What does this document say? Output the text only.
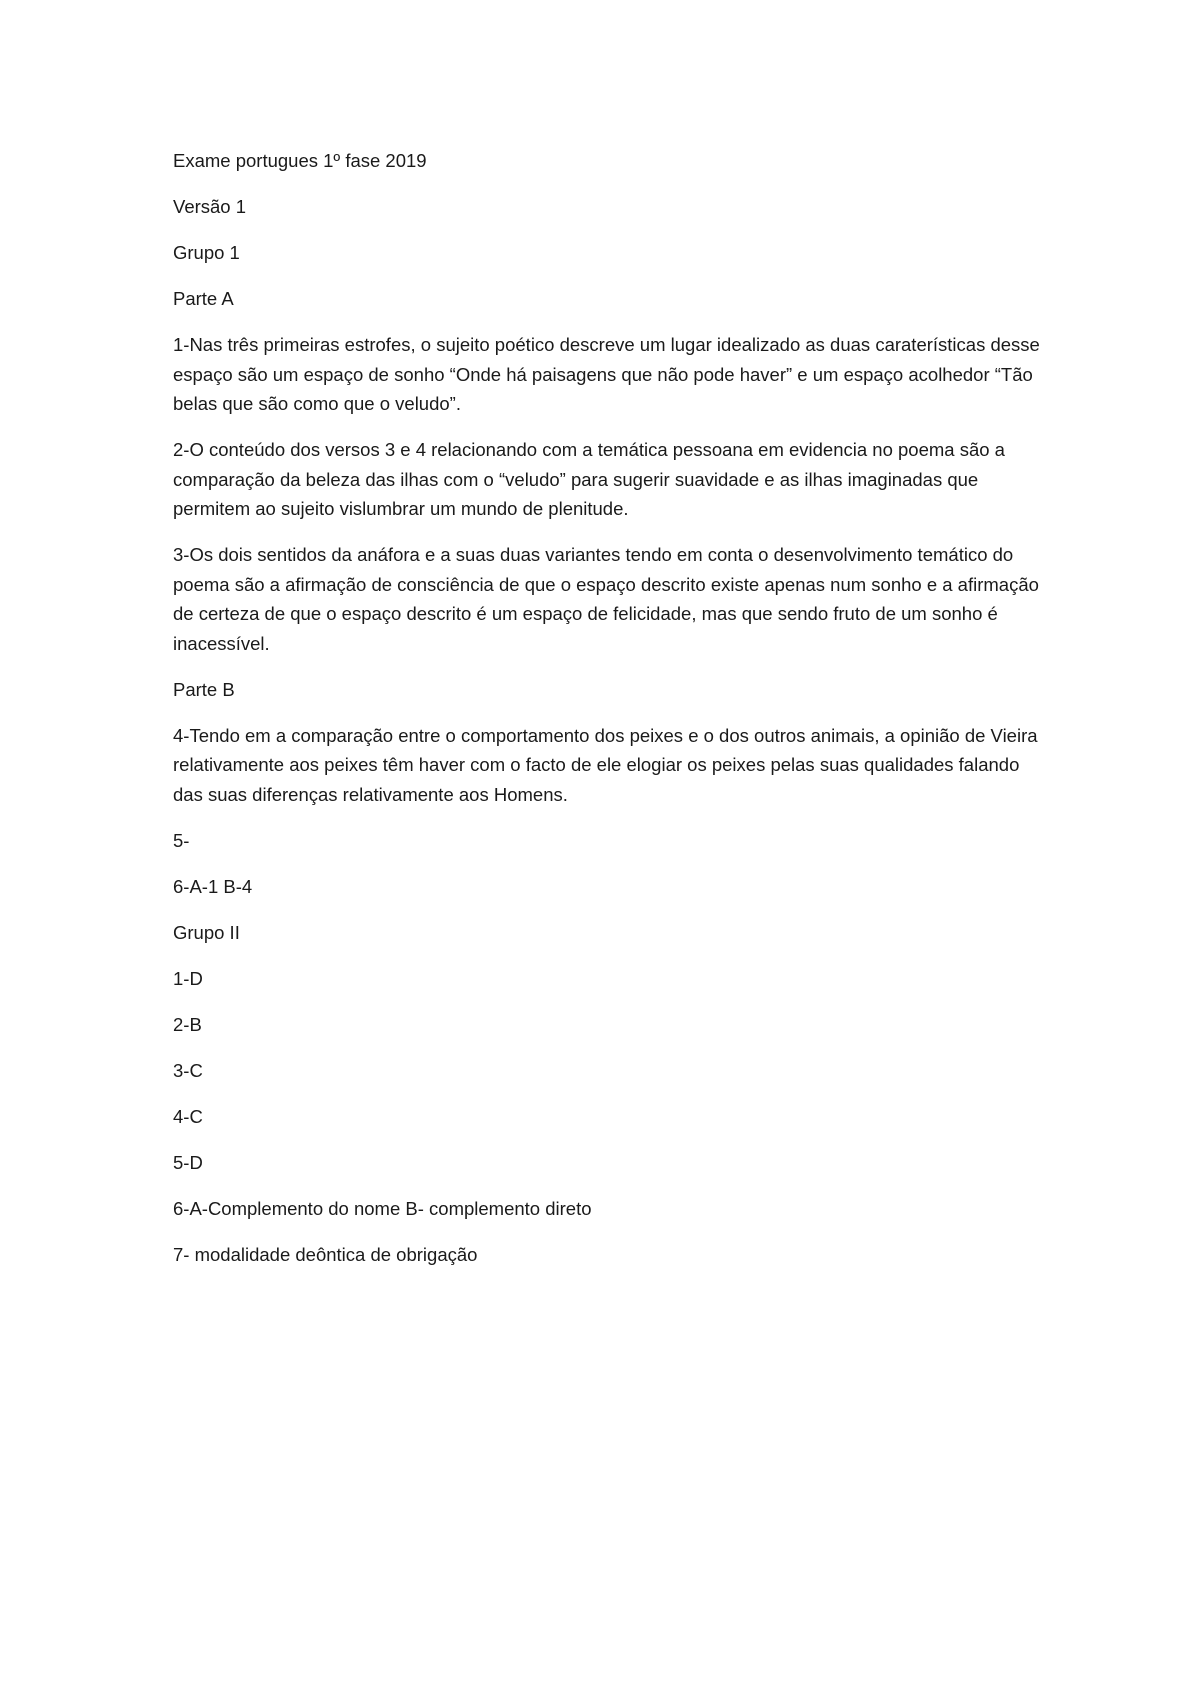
Exame portugues 1º fase 2019

Versão 1

Grupo 1

Parte A

1-Nas três primeiras estrofes, o sujeito poético descreve um lugar idealizado as duas caraterísticas desse espaço são um espaço de sonho “Onde há paisagens que não pode haver” e um espaço acolhedor “Tão belas que são como que o veludo”.

2-O conteúdo dos versos 3 e 4 relacionando com a temática pessoana em evidencia no poema são a comparação da beleza das ilhas com o “veludo” para sugerir suavidade e as ilhas imaginadas que permitem ao sujeito vislumbrar um mundo de plenitude.

3-Os dois sentidos da anáfora e a suas duas variantes tendo em conta o desenvolvimento temático do poema são a afirmação de consciência de que o espaço descrito existe apenas num sonho e a afirmação de certeza de que o espaço descrito é um espaço de felicidade, mas que sendo fruto de um sonho é inacessível.

Parte B

4-Tendo em a comparação entre o comportamento dos peixes e o dos outros animais, a opinião de Vieira relativamente aos peixes têm haver com o facto de ele elogiar os peixes pelas suas qualidades falando das suas diferenças relativamente aos Homens.

5-

6-A-1 B-4

Grupo II

1-D

2-B

3-C

4-C

5-D

6-A-Complemento do nome B- complemento direto

7- modalidade deôntica de obrigação
